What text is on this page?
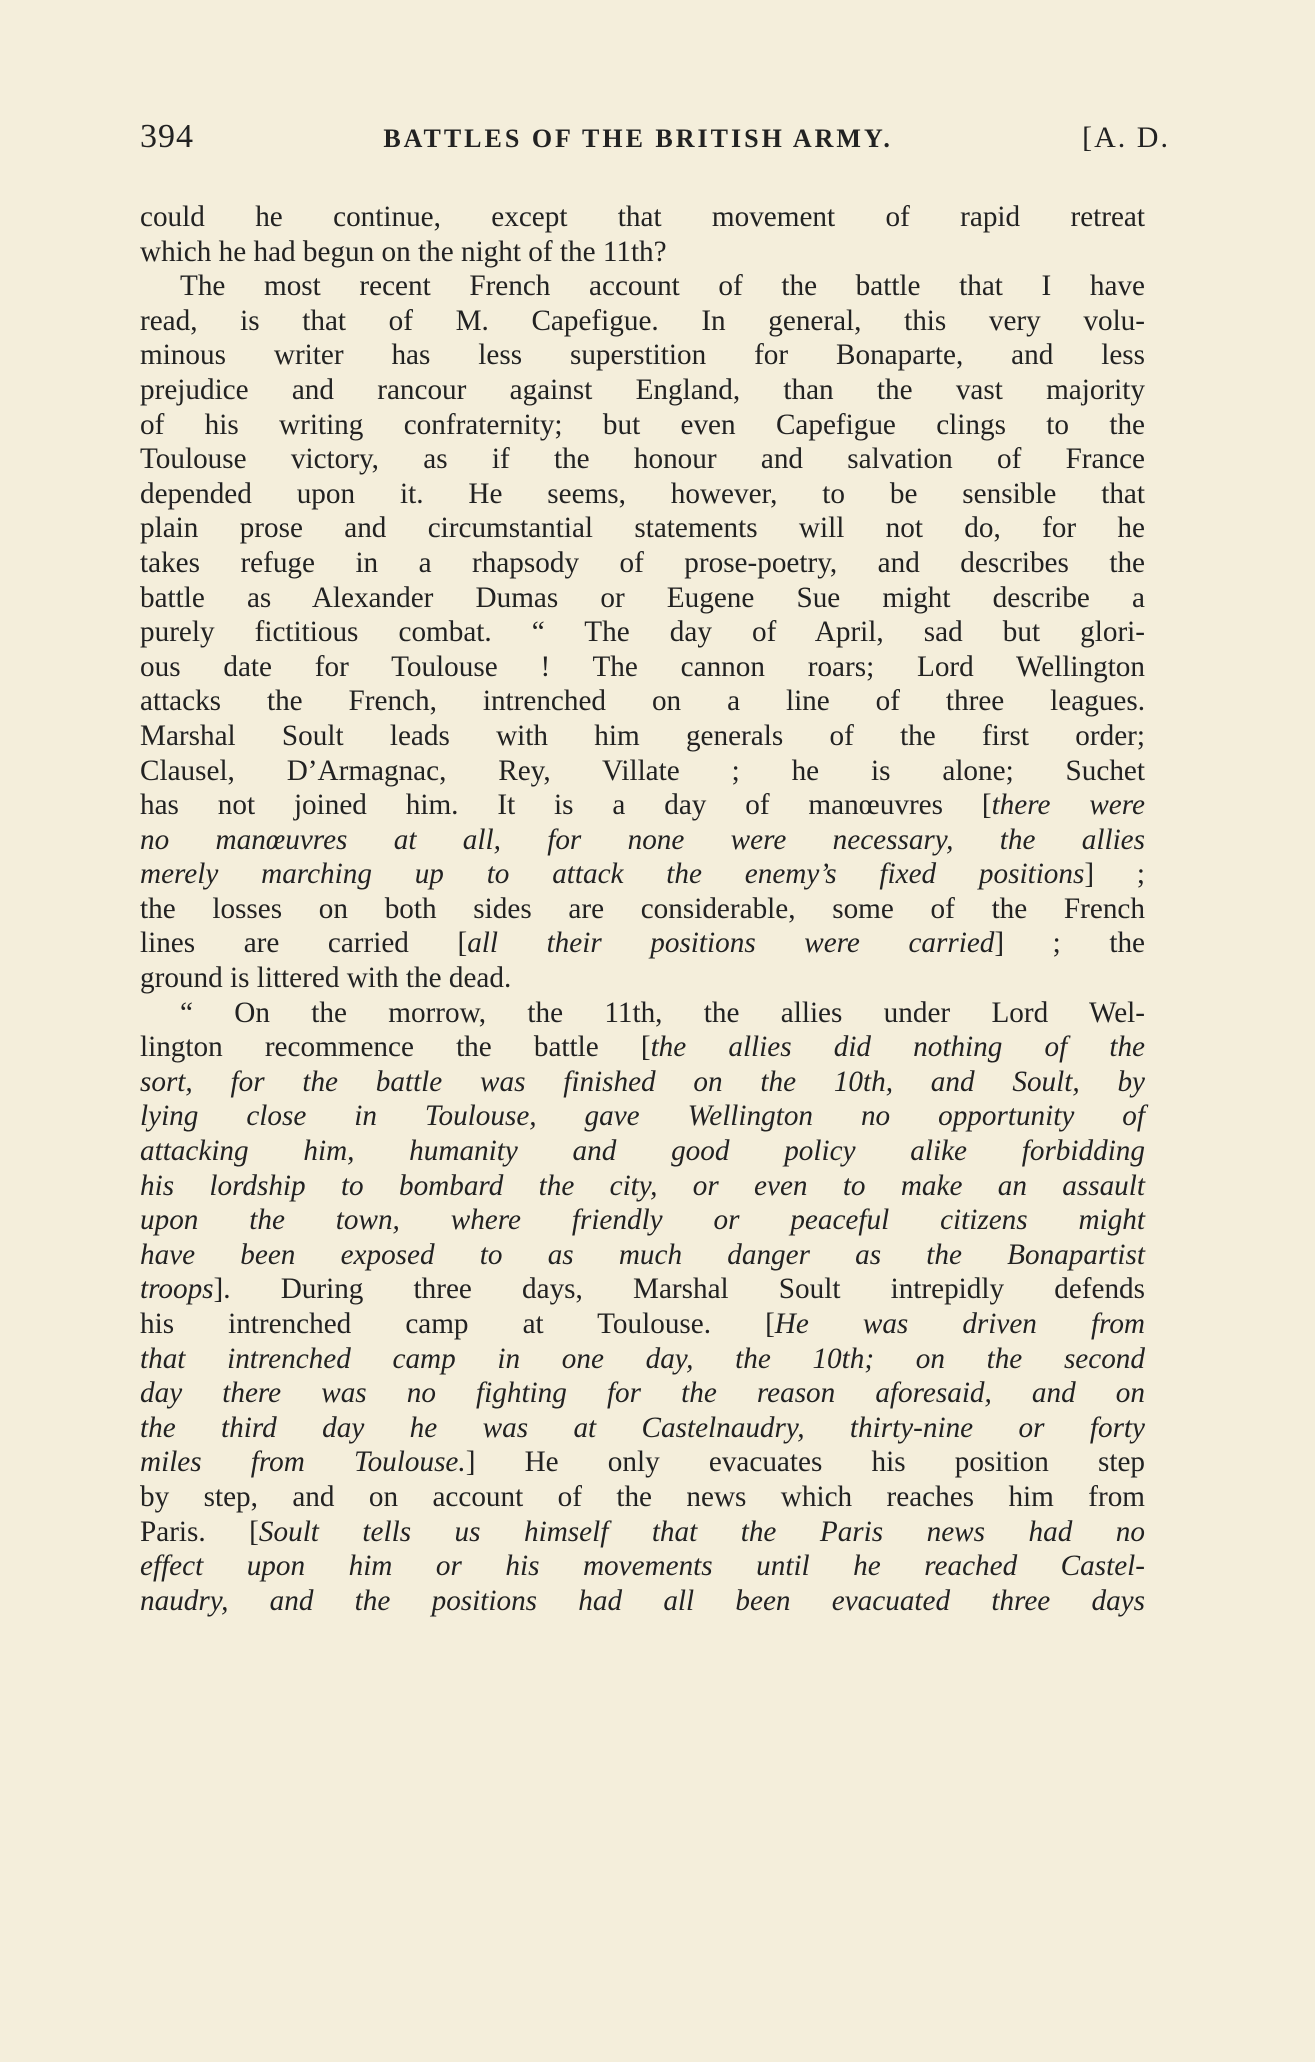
394	BATTLES OF THE BRITISH ARMY.	[A. D.
could he continue, except that movement of rapid retreat
which he had begun on the night of the 11th?
The most recent French account of the battle that I have
read, is that of M. Capefigue. In general, this very volu-
minous writer has less superstition for Bonaparte, and less
prejudice and rancour against England, than the vast majority
of his writing confraternity; but even Capefigue clings to the
Toulouse victory, as if the honour and salvation of France
depended upon it. He seems, however, to be sensible that
plain prose and circumstantial statements will not do, for he
takes refuge in a rhapsody of prose-poetry, and describes the
battle as Alexander Dumas or Eugene Sue might describe a
purely fictitious combat. “ The day of April, sad but glori-
ous date for Toulouse ! The cannon roars; Lord Wellington
attacks the French, intrenched on a line of three leagues.
Marshal Soult leads with him generals of the first order;
Clausel, D’Armagnac, Rey, Villate ; he is alone; Suchet
has not joined him. It is a day of manœuvres [there were
no manœuvres at all, for none were necessary, the allies
merely marching up to attack the enemy’s fixed positions] ;
the losses on both sides are considerable, some of the French
lines are carried [all their positions were carried] ; the
ground is littered with the dead.
“ On the morrow, the 11th, the allies under Lord Wel-
lington recommence the battle [the allies did nothing of the
sort, for the battle was finished on the 10th, and Soult, by
lying close in Toulouse, gave Wellington no opportunity of
attacking him, humanity and good policy alike forbidding
his lordship to bombard the city, or even to make an assault
upon the town, where friendly or peaceful citizens might
have been exposed to as much danger as the Bonapartist
troops]. During three days, Marshal Soult intrepidly defends
his intrenched camp at Toulouse. [He was driven from
that intrenched camp in one day, the 10th; on the second
day there was no fighting for the reason aforesaid, and on
the third day he was at Castelnaudry, thirty-nine or forty
miles from Toulouse.] He only evacuates his position step
by step, and on account of the news which reaches him from
Paris. [Soult tells us himself that the Paris news had no
effect upon him or his movements until he reached Castel-
naudry, and the positions had all been evacuated three days
